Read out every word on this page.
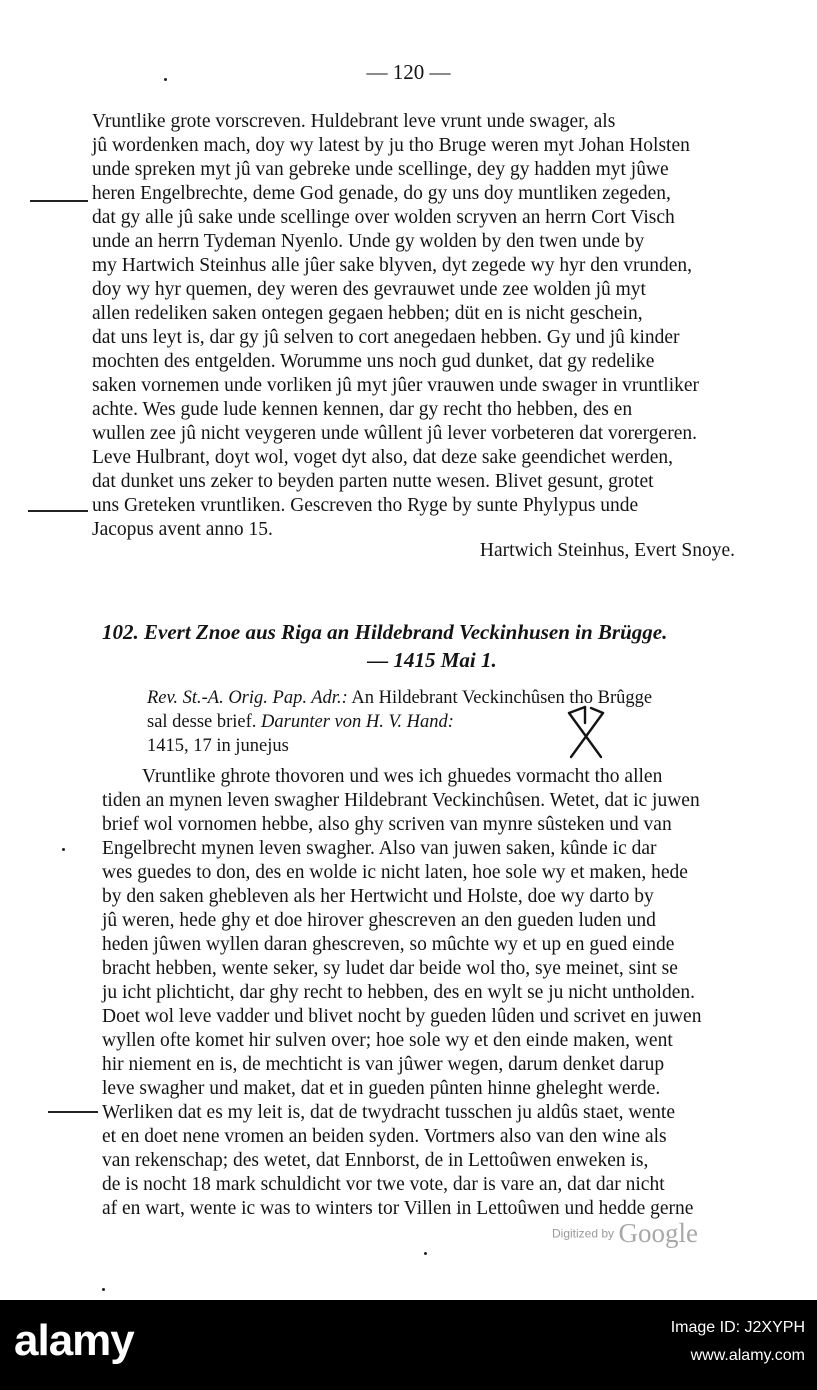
— 120 —
Vruntlike grote vorscreven. Huldebrant leve vrunt unde swager, als
jû wordenken mach, doy wy latest by ju tho Bruge weren myt Johan Holsten
unde spreken myt jû van gebreke unde scellinge, dey gy hadden myt jûwe
heren Engelbrechte, deme God genade, do gy uns doy muntliken zegeden,
dat gy alle jû sake unde scellinge over wolden scryven an herrn Cort Visch
unde an herrn Tydeman Nyenlo. Unde gy wolden by den twen unde by
my Hartwich Steinhus alle jûer sake blyven, dyt zegede wy hyr den vrunden,
doy wy hyr quemen, dey weren des gevrauwet unde zee wolden jû myt
allen redeliken saken ontegen gegaen hebben; düt en is nicht geschein,
dat uns leyt is, dar gy jû selven to cort anegedaen hebben. Gy und jû kinder
mochten des entgelden. Worumme uns noch gud dunket, dat gy redelike
saken vornemen unde vorliken jû myt jûer vrauwen unde swager in vruntliker
achte. Wes gude lude kennen kennen, dar gy recht tho hebben, des en
wullen zee jû nicht veygeren unde wûllent jû lever vorbeteren dat vorergeren.
Leve Hulbrant, doyt wol, voget dyt also, dat deze sake geendichet werden,
dat dunket uns zeker to beyden parten nutte wesen. Blivet gesunt, grotet
uns Greteken vruntliken. Gescreven tho Ryge by sunte Phylypus unde
Jacopus avent anno 15.
Hartwich Steinhus, Evert Snoye.
102. Evert Znoe aus Riga an Hildebrand Veckinhusen in Brügge.
— 1415 Mai 1.
Rev. St.-A. Orig. Pap. Adr.: An Hildebrant Veckinchûsen tho Brûgge
sal desse brief. Darunter von H. V. Hand:
1415, 17 in junejus
Vruntlike ghrote thovoren und wes ich ghuedes vormacht tho allen
tiden an mynen leven swagher Hildebrant Veckinchûsen. Wetet, dat ic juwen
brief wol vornomen hebbe, also ghy scriven van mynre sûsteken und van
Engelbrecht mynen leven swagher. Also van juwen saken, kûnde ic dar
wes guedes to don, des en wolde ic nicht laten, hoe sole wy et maken, hede
by den saken ghebleven als her Hertwicht und Holste, doe wy darto by
jû weren, hede ghy et doe hirover ghescreven an den gueden luden und
heden jûwen wyllen daran ghescreven, so mûchte wy et up en gued einde
bracht hebben, wente seker, sy ludet dar beide wol tho, sye meinet, sint se
ju icht plichticht, dar ghy recht to hebben, des en wylt se ju nicht untholden.
Doet wol leve vadder und blivet nocht by gueden lûden und scrivet en juwen
wyllen ofte komet hir sulven over; hoe sole wy et den einde maken, went
hir niement en is, de mechticht is van jûwer wegen, darum denket darup
leve swagher und maket, dat et in gueden pûnten hinne gheleght werde.
Werliken dat es my leit is, dat de twydracht tusschen ju aldûs staet, wente
et en doet nene vromen an beiden syden. Vortmers also van den wine als
van rekenschap; des wetet, dat Ennborst, de in Lettoûwen enweken is,
de is nocht 18 mark schuldicht vor twe vote, dar is vare an, dat dar nicht
af en wart, wente ic was to winters tor Villen in Lettoûwen und hedde gerne
Digitized by Google
alamy	Image ID: J2XYPH
www.alamy.com
